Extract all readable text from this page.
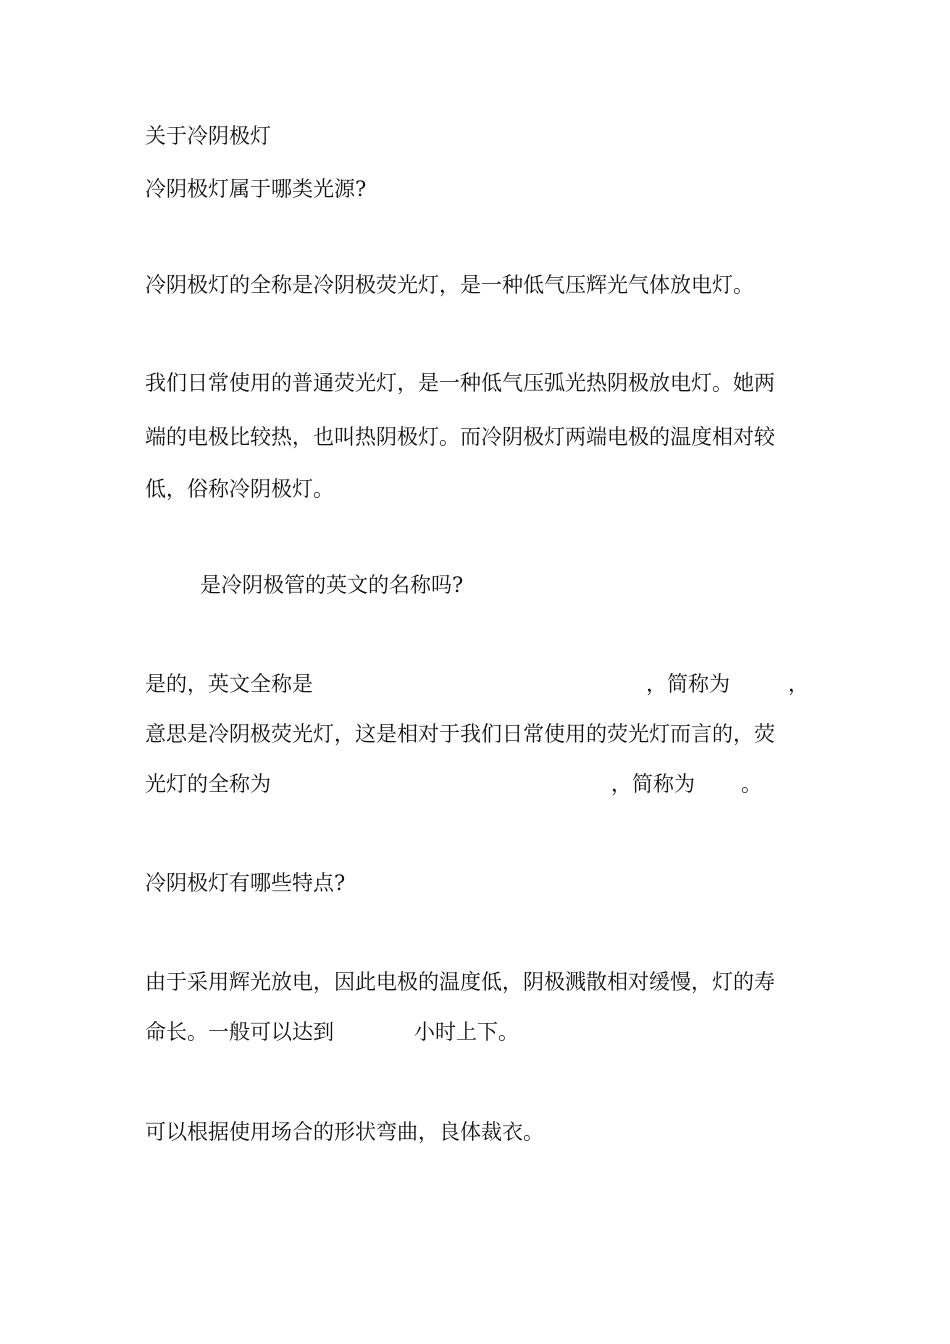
关于冷阴极灯
冷阴极灯属于哪类光源?
冷阴极灯的全称是冷阴极荧光灯，是一种低气压辉光气体放电灯。
我们日常使用的普通荧光灯，是一种低气压弧光热阴极放电灯。她两
端的电极比较热，也叫热阴极灯。而冷阴极灯两端电极的温度相对较
低，俗称冷阴极灯。
是冷阴极管的英文的名称吗?
是的，英文全称是	，简称为	，
意思是冷阴极荧光灯，这是相对于我们日常使用的荧光灯而言的，荧
光灯的全称为	，简称为 。
冷阴极灯有哪些特点?
由于采用辉光放电，因此电极的温度低，阴极溅散相对缓慢，灯的寿
命长。一般可以达到	小时上下。
可以根据使用场合的形状弯曲，良体裁衣。
